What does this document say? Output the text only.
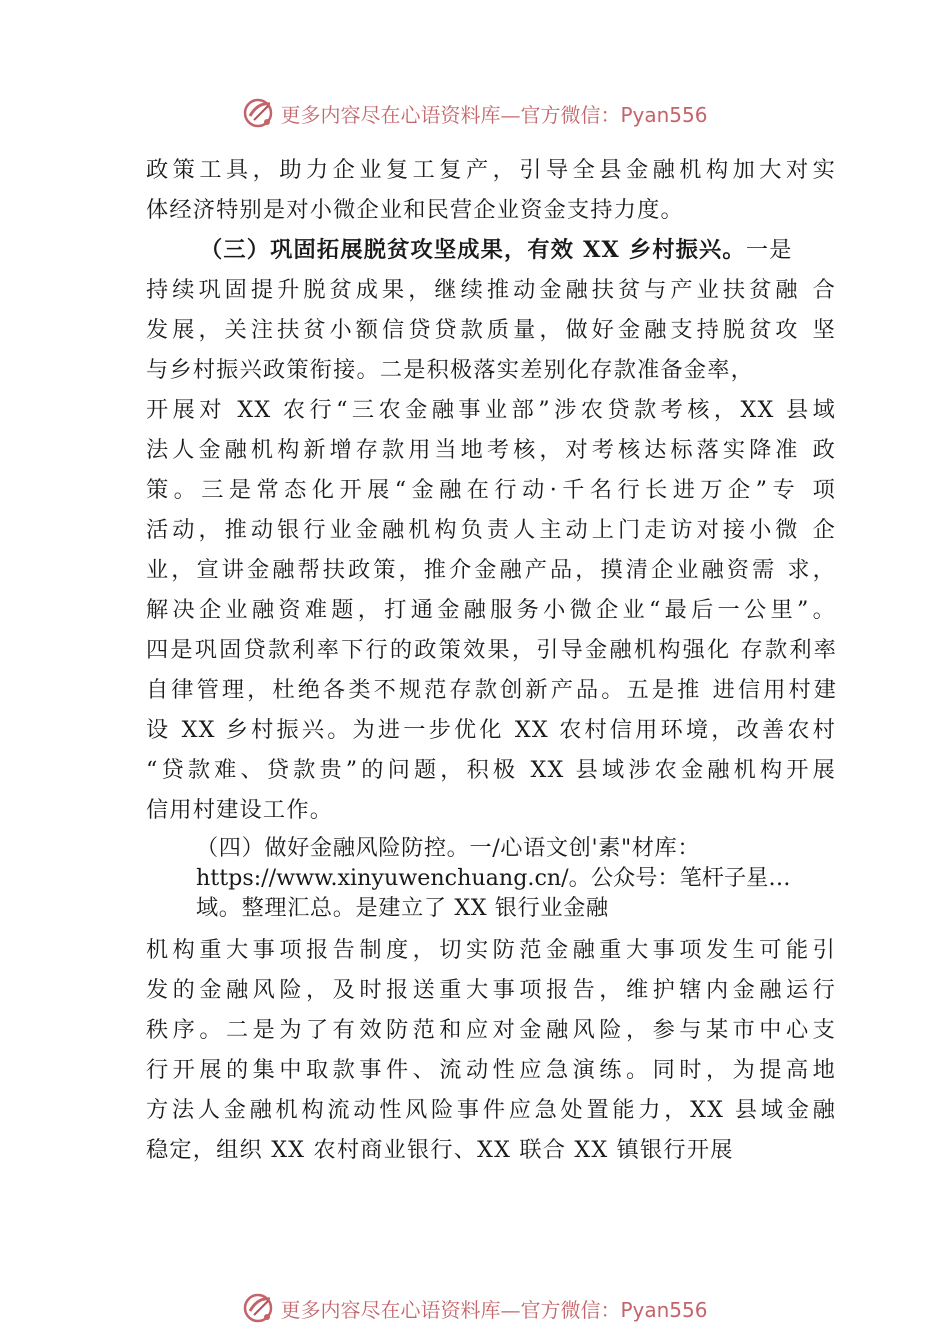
更多内容尽在心语资料库— 官方微信：Pyan556
政策工具，助力企业复工复产，引导全县金融机构加大对实
体经济特别是对小微企业和民营企业资金支持力度。
（三）巩固拓展脱贫攻坚成果，有效 XX 乡村振兴。一是
持续巩固提升脱贫成果，继续推动金融扶贫与产业扶贫融 合
发展，关注扶贫小额信贷贷款质量，做好金融支持脱贫攻 坚
与乡村振兴政策衔接。二是积极落实差别化存款准备金率，
开展对 XX 农行“三农金融事业部”涉农贷款考核，XX 县域
法人金融机构新增存款用当地考核，对考核达标落实降准 政
策。三是常态化开展“金融在行动·千名行长进万企”专 项
活动，推动银行业金融机构负责人主动上门走访对接小微 企
业，宣讲金融帮扶政策，推介金融产品，摸清企业融资需 求，
解决企业融资难题，打通金融服务小微企业“最后一公里”。
四是巩固贷款利率下行的政策效果，引导金融机构强化 存款利率
自律管理，杜绝各类不规范存款创新产品。五是推 进信用村建
设 XX 乡村振兴。为进一步优化 XX 农村信用环境，改善农村
“贷款难、贷款贵”的问题，积极 XX 县域涉农金融机构开展
信用村建设工作。
（四）做好金融风险防控。一/心语文创'素"材库：
https://www.xinyuwenchuang.cn/。公众号：笔杆子星…
域。整理汇总。是建立了 XX 银行业金融
机构重大事项报告制度，切实防范金融重大事项发生可能引
发的金融风险，及时报送重大事项报告，维护辖内金融运行
秩序。二是为了有效防范和应对金融风险，参与某市中心支
行开展的集中取款事件、流动性应急演练。同时，为提高地
方法人金融机构流动性风险事件应急处置能力，XX 县域金融
稳定，组织 XX 农村商业银行、XX 联合 XX 镇银行开展
更多内容尽在心语资料库— 官方微信：Pyan556
